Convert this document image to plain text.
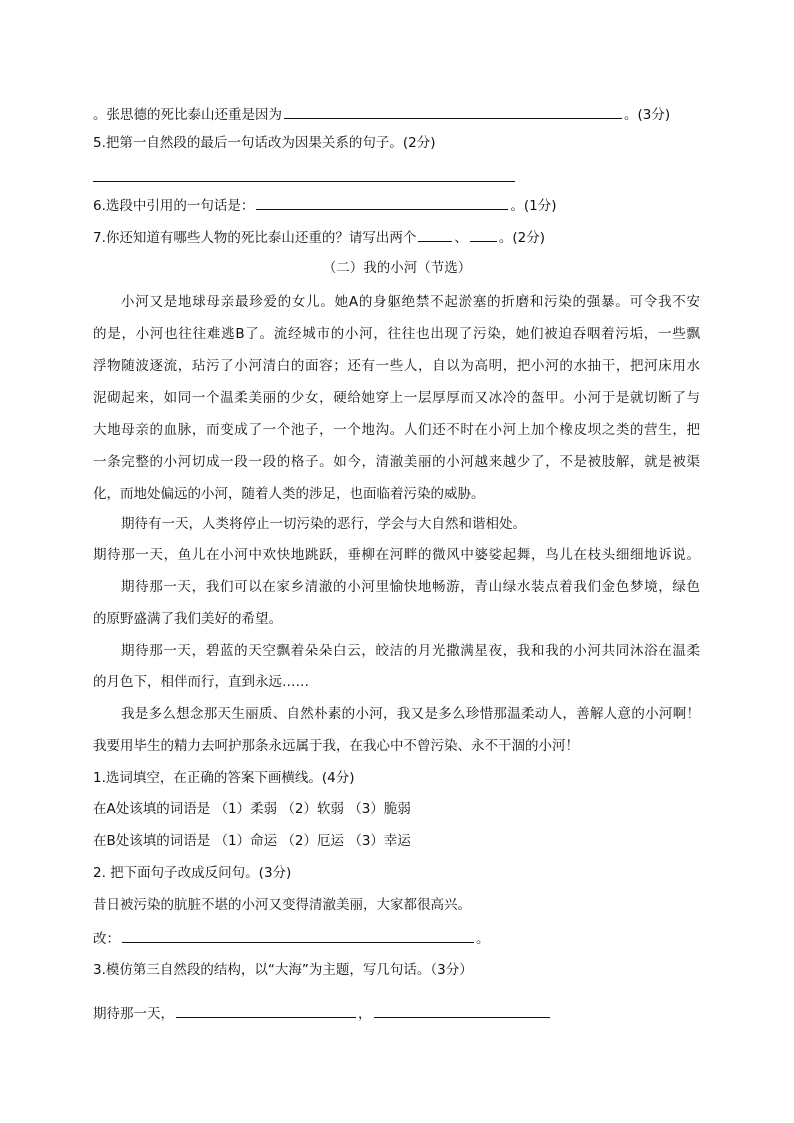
。张思德的死比泰山还重是因为	。(3分)
5.把第一自然段的最后一句话改为因果关系的句子。(2分)
6.选段中引用的一句话是：	。(1分)
7.你还知道有哪些人物的死比泰山还重的？请写出两个	、 。(2分)
（二）我的小河（节选）
小河又是地球母亲最珍爱的女儿。她A的身躯绝禁不起淤塞的折磨和污染的强暴。可令我不安
的是，小河也往往难逃B了。流经城市的小河，往往也出现了污染，她们被迫吞咽着污垢，一些飘
浮物随波逐流，玷污了小河清白的面容；还有一些人，自以为高明，把小河的水抽干，把河床用水
泥砌起来，如同一个温柔美丽的少女，硬给她穿上一层厚厚而又冰冷的盔甲。小河于是就切断了与
大地母亲的血脉，而变成了一个池子，一个地沟。人们还不时在小河上加个橡皮坝之类的营生，把
一条完整的小河切成一段一段的格子。如今，清澈美丽的小河越来越少了，不是被肢解，就是被渠
化，而地处偏远的小河，随着人类的涉足，也面临着污染的威胁。
期待有一天，人类将停止一切污染的恶行，学会与大自然和谐相处。
期待那一天，鱼儿在小河中欢快地跳跃，垂柳在河畔的微风中婆娑起舞，鸟儿在枝头细细地诉说。
期待那一天，我们可以在家乡清澈的小河里愉快地畅游，青山绿水装点着我们金色梦境，绿色
的原野盛满了我们美好的希望。
期待那一天，碧蓝的天空飘着朵朵白云，皎洁的月光撒满星夜，我和我的小河共同沐浴在温柔
的月色下，相伴而行，直到永远……
我是多么想念那天生丽质、自然朴素的小河，我又是多么珍惜那温柔动人，善解人意的小河啊！
我要用毕生的精力去呵护那条永远属于我，在我心中不曾污染、永不干涸的小河！
1.选词填空，在正确的答案下画横线。(4分)
在A处该填的词语是 （1）柔弱 （2）软弱 （3）脆弱
在B处该填的词语是 （1）命运 （2）厄运 （3）幸运
2. 把下面句子改成反问句。(3分)
昔日被污染的肮脏不堪的小河又变得清澈美丽，大家都很高兴。
改：	。
3.模仿第三自然段的结构，以“大海”为主题，写几句话。（3分）
期待那一天，	，
